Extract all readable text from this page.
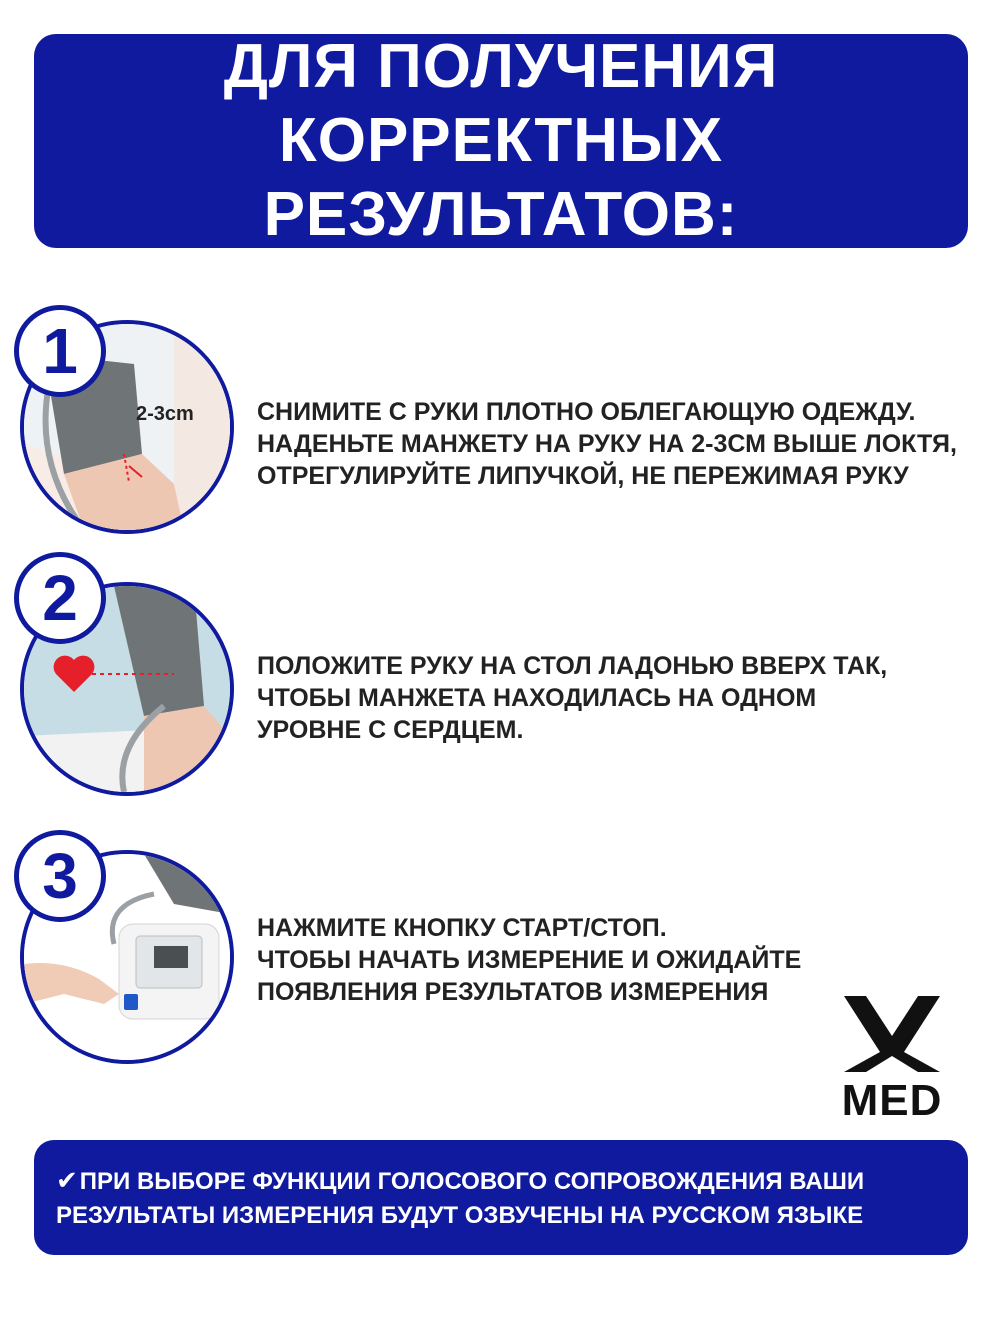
ДЛЯ ПОЛУЧЕНИЯ
КОРРЕКТНЫХ РЕЗУЛЬТАТОВ:
2-3cm
1
СНИМИТЕ С РУКИ ПЛОТНО ОБЛЕГАЮЩУЮ ОДЕЖДУ.
НАДЕНЬТЕ МАНЖЕТУ НА РУКУ НА 2-3СМ ВЫШЕ ЛОКТЯ,
ОТРЕГУЛИРУЙТЕ ЛИПУЧКОЙ, НЕ ПЕРЕЖИМАЯ РУКУ
2
ПОЛОЖИТЕ РУКУ НА СТОЛ ЛАДОНЬЮ ВВЕРХ ТАК,
ЧТОБЫ МАНЖЕТА НАХОДИЛАСЬ НА ОДНОМ
УРОВНЕ С СЕРДЦЕМ.
3
НАЖМИТЕ КНОПКУ СТАРТ/СТОП.
ЧТОБЫ НАЧАТЬ ИЗМЕРЕНИЕ И ОЖИДАЙТЕ
ПОЯВЛЕНИЯ РЕЗУЛЬТАТОВ ИЗМЕРЕНИЯ
MED
✔ПРИ ВЫБОРЕ ФУНКЦИИ ГОЛОСОВОГО СОПРОВОЖДЕНИЯ ВАШИ
РЕЗУЛЬТАТЫ ИЗМЕРЕНИЯ БУДУТ ОЗВУЧЕНЫ НА РУССКОМ ЯЗЫКЕ
